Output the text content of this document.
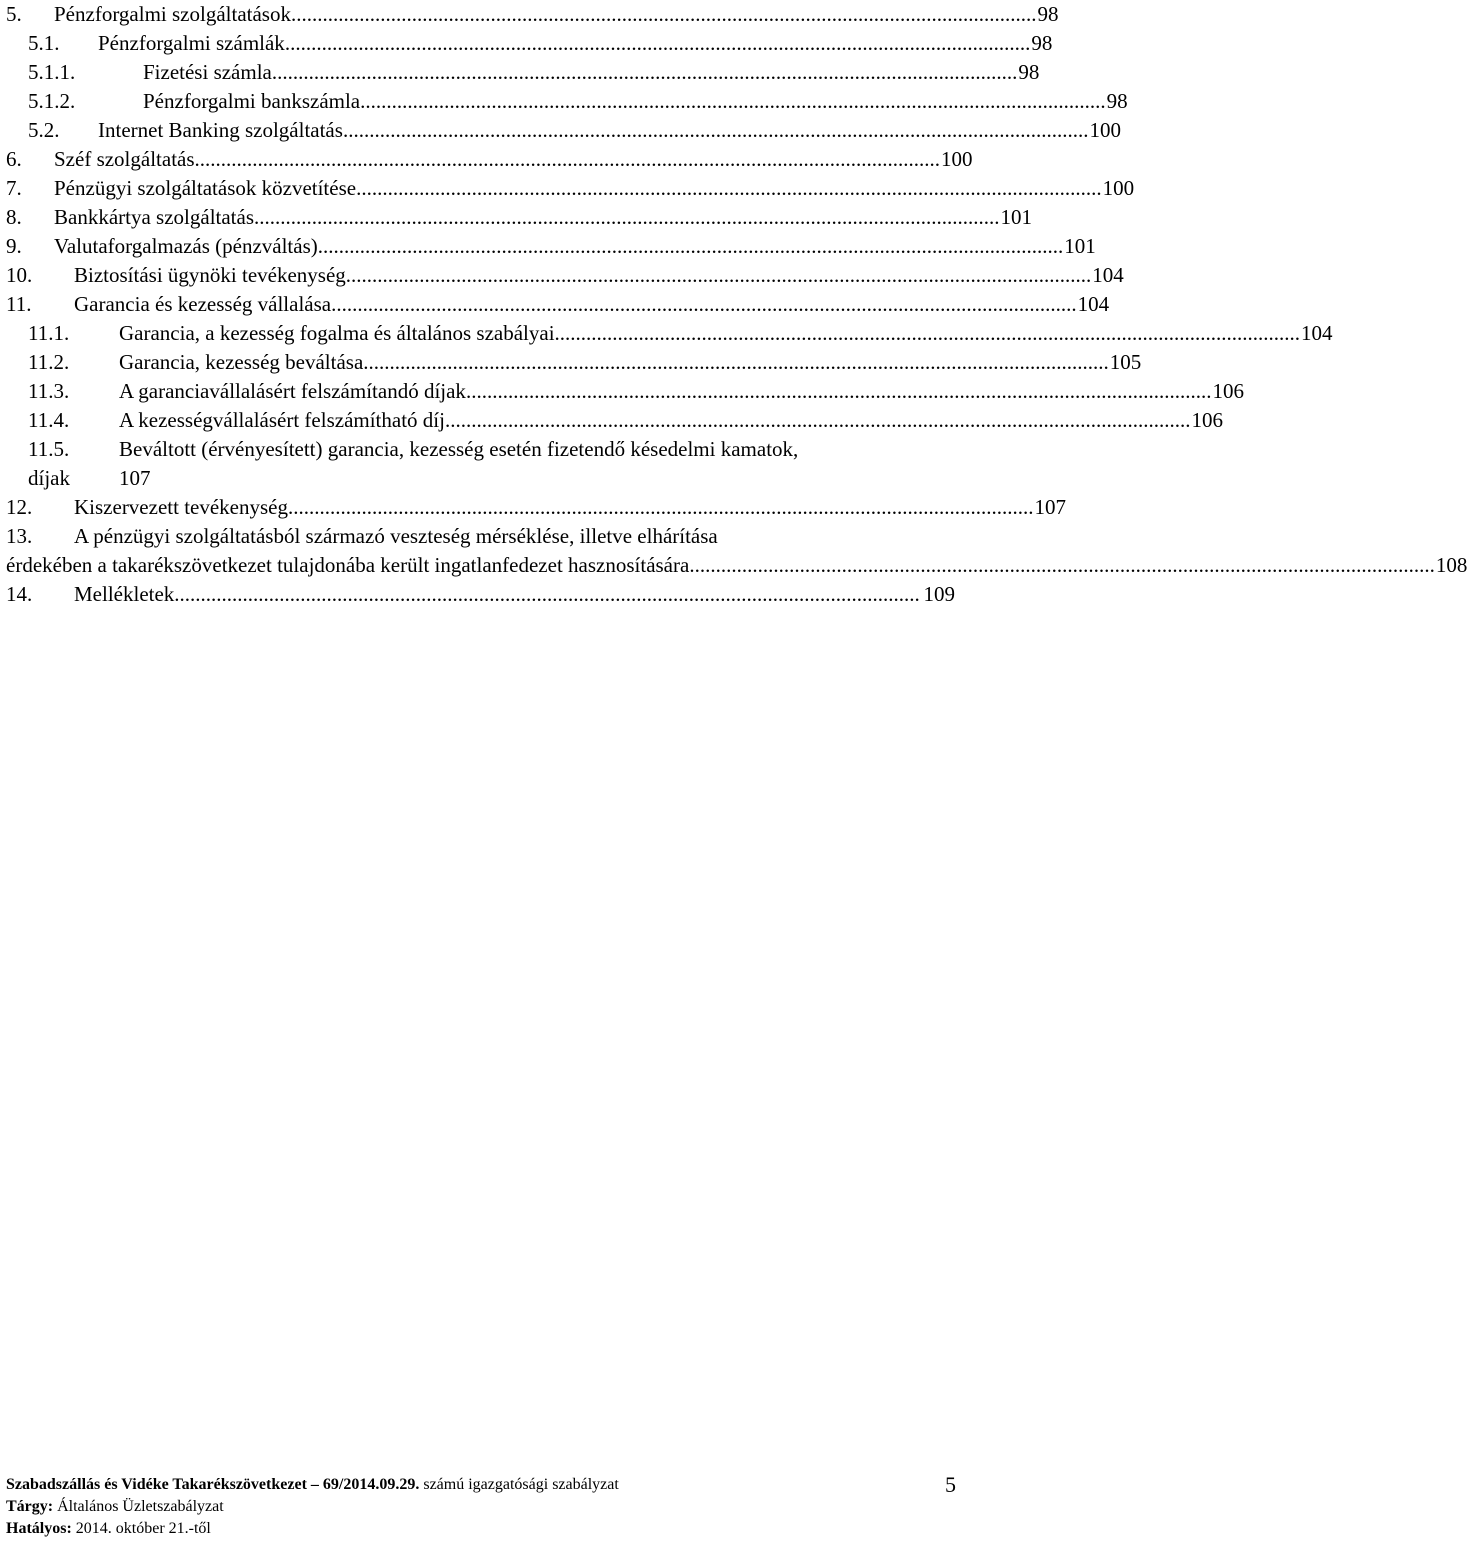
5. Pénzforgalmi szolgáltatások .............................................................................................................................................. 98
5.1. Pénzforgalmi számlák .............................................................................................................................................. 98
5.1.1.	Fizetési számla .............................................................................................................................................. 98
5.1.2.	Pénzforgalmi bankszámla .............................................................................................................................................. 98
5.2. Internet Banking szolgáltatás .............................................................................................................................................. 100
6. Széf szolgáltatás .............................................................................................................................................. 100
7. Pénzügyi szolgáltatások közvetítése .............................................................................................................................................. 100
8. Bankkártya szolgáltatás .............................................................................................................................................. 101
9. Valutaforgalmazás (pénzváltás) .............................................................................................................................................. 101
10. Biztosítási ügynöki tevékenység .............................................................................................................................................. 104
11. Garancia és kezesség vállalása .............................................................................................................................................. 104
11.1. Garancia, a kezesség fogalma és általános szabályai .............................................................................................................................................. 104
11.2. Garancia, kezesség beváltása .............................................................................................................................................. 105
11.3. A garanciavállalásért felszámítandó díjak .............................................................................................................................................. 106
11.4. A kezességvállalásért felszámítható díj .............................................................................................................................................. 106
11.5. Beváltott (érvényesített) garancia, kezesség esetén fizetendő késedelmi kamatok,
díjak 107
12. Kiszervezett tevékenység .............................................................................................................................................. 107
13. A pénzügyi szolgáltatásból származó veszteség mérséklése, illetve elhárítása
érdekében a takarékszövetkezet tulajdonába került ingatlanfedezet hasznosítására .............................................................................................................................................. 108
14. Mellékletek .............................................................................................................................................. 109
Szabadszállás és Vidéke Takarékszövetkezet – 69/2014.09.29. számú igazgatósági szabályzat	5
Tárgy: Általános Üzletszabályzat
Hatályos: 2014. október 21.-től
